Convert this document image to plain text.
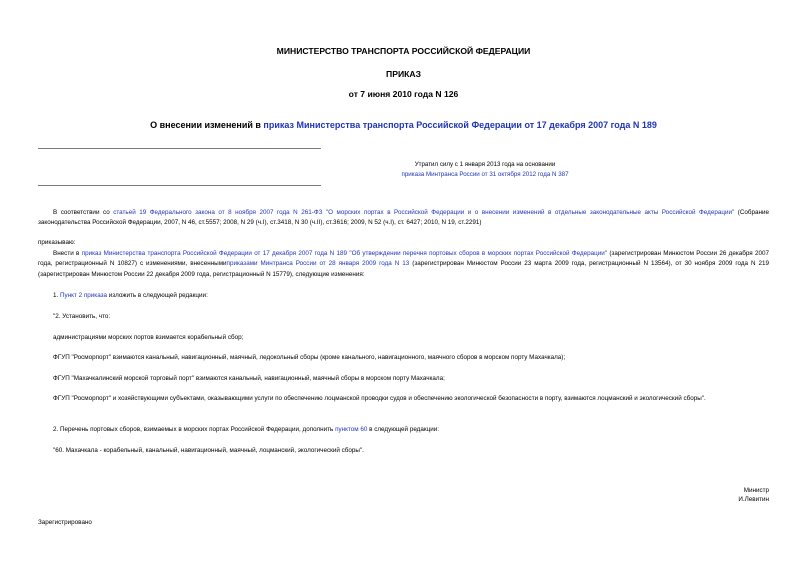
МИНИСТЕРСТВО ТРАНСПОРТА РОССИЙСКОЙ ФЕДЕРАЦИИ
ПРИКАЗ
от 7 июня 2010 года N 126
О внесении изменений в приказ Министерства транспорта Российской Федерации от 17 декабря 2007 года N 189
Утратил силу с 1 января 2013 года на основании
приказа Минтранса России от 31 октября 2012 года N 387
В соответствии со статьей 19 Федерального закона от 8 ноября 2007 года N 261-ФЗ "О морских портах в Российской Федерации и о внесении изменений в отдельные законодательные акты Российской Федерации" (Собрание законодательства Российской Федерации, 2007, N 46, ст.5557; 2008, N 29 (ч.I), ст.3418, N 30 (ч.II), ст.3616; 2009, N 52 (ч.I), ст. 6427; 2010, N 19, ст.2291)
приказываю:
Внести в приказ Министерства транспорта Российской Федерации от 17 декабря 2007 года N 189 "Об утверждении перечня портовых сборов в морских портах Российской Федерации" (зарегистрирован Минюстом России 26 декабря 2007 года, регистрационный N 10827) с изменениями, внесеннымиприказами Минтранса России от 28 января 2009 года N 13 (зарегистрирован Минюстом России 23 марта 2009 года, регистрационный N 13564), от 30 ноября 2009 года N 219 (зарегистрирован Минюстом России 22 декабря 2009 года, регистрационный N 15779), следующие изменения:
1. Пункт 2 приказа изложить в следующей редакции:
"2. Установить, что:
администрациями морских портов взимается корабельный сбор;
ФГУП "Росморпорт" взимаются канальный, навигационный, маячный, ледокольный сборы (кроме канального, навигационного, маячного сборов в морском порту Махачкала);
ФГУП "Махачкалинский морской торговый порт" взимаются канальный, навигационный, маячный сборы в морском порту Махачкала;
ФГУП "Росморпорт" и хозяйствующими субъектами, оказывающими услуги по обеспечению лоцманской проводки судов и обеспечению экологической безопасности в порту, взимаются лоцманский и экологический сборы".
2. Перечень портовых сборов, взимаемых в морских портах Российской Федерации, дополнить пунктом 60 в следующей редакции:
"60. Махачкала - корабельный, канальный, навигационный, маячный, лоцманский, экологический сборы".
Министр
И.Левитин
Зарегистрировано
